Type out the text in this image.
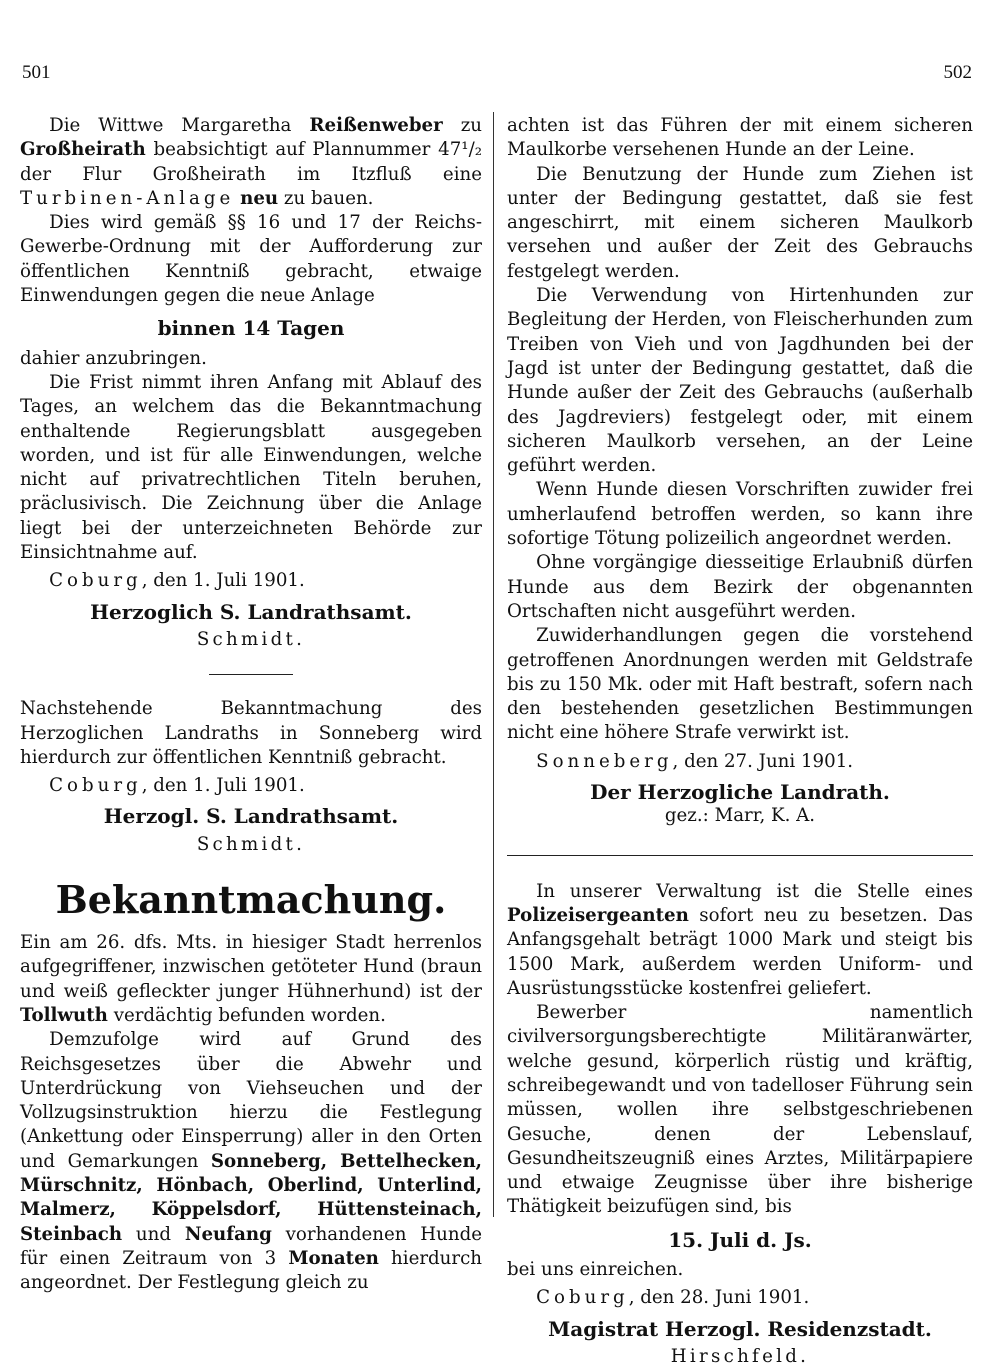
501	502

Die Wittwe Margaretha Reißenweber zu Großheirath beabsichtigt auf Plannummer 47¹/₂ der Flur Großheirath im Itzfluß eine Turbinen-Anlage neu zu bauen.

Dies wird gemäß §§ 16 und 17 der Reichs-Gewerbe-Ordnung mit der Aufforderung zur öffentlichen Kenntniß gebracht, etwaige Einwendungen gegen die neue Anlage

binnen 14 Tagen

dahier anzubringen.

Die Frist nimmt ihren Anfang mit Ablauf des Tages, an welchem das die Bekanntmachung enthaltende Regierungsblatt ausgegeben worden, und ist für alle Einwendungen, welche nicht auf privatrechtlichen Titeln beruhen, präclusivisch. Die Zeichnung über die Anlage liegt bei der unterzeichneten Behörde zur Einsichtnahme auf.

Coburg, den 1. Juli 1901.

Herzoglich S. Landrathsamt.

Schmidt.

Nachstehende Bekanntmachung des Herzoglichen Landraths in Sonneberg wird hierdurch zur öffentlichen Kenntniß gebracht.

Coburg, den 1. Juli 1901.

Herzogl. S. Landrathsamt.

Schmidt.

Bekanntmachung.

Ein am 26. dfs. Mts. in hiesiger Stadt herrenlos aufgegriffener, inzwischen getöteter Hund (braun und weiß gefleckter junger Hühnerhund) ist der Tollwuth verdächtig befunden worden.

Demzufolge wird auf Grund des Reichsgesetzes über die Abwehr und Unterdrückung von Viehseuchen und der Vollzugsinstruktion hierzu die Festlegung (Ankettung oder Einsperrung) aller in den Orten und Gemarkungen Sonneberg, Bettelhecken, Mürschnitz, Hönbach, Oberlind, Unterlind, Malmerz, Köppelsdorf, Hüttensteinach, Steinbach und Neufang vorhandenen Hunde für einen Zeitraum von 3 Monaten hierdurch angeordnet. Der Festlegung gleich zu

achten ist das Führen der mit einem sicheren Maulkorbe versehenen Hunde an der Leine.

Die Benutzung der Hunde zum Ziehen ist unter der Bedingung gestattet, daß sie fest angeschirrt, mit einem sicheren Maulkorb versehen und außer der Zeit des Gebrauchs festgelegt werden.

Die Verwendung von Hirtenhunden zur Begleitung der Herden, von Fleischerhunden zum Treiben von Vieh und von Jagdhunden bei der Jagd ist unter der Bedingung gestattet, daß die Hunde außer der Zeit des Gebrauchs (außerhalb des Jagdreviers) festgelegt oder, mit einem sicheren Maulkorb versehen, an der Leine geführt werden.

Wenn Hunde diesen Vorschriften zuwider frei umherlaufend betroffen werden, so kann ihre sofortige Tötung polizeilich angeordnet werden.

Ohne vorgängige diesseitige Erlaubniß dürfen Hunde aus dem Bezirk der obgenannten Ortschaften nicht ausgeführt werden.

Zuwiderhandlungen gegen die vorstehend getroffenen Anordnungen werden mit Geldstrafe bis zu 150 Mk. oder mit Haft bestraft, sofern nach den bestehenden gesetzlichen Bestimmungen nicht eine höhere Strafe verwirkt ist.

Sonneberg, den 27. Juni 1901.

Der Herzogliche Landrath.

gez.: Marr, K. A.

In unserer Verwaltung ist die Stelle eines Polizeisergeanten sofort neu zu besetzen. Das Anfangsgehalt beträgt 1000 Mark und steigt bis 1500 Mark, außerdem werden Uniform- und Ausrüstungsstücke kostenfrei geliefert.

Bewerber namentlich civilversorgungsberechtigte Militäranwärter, welche gesund, körperlich rüstig und kräftig, schreibegewandt und von tadelloser Führung sein müssen, wollen ihre selbstgeschriebenen Gesuche, denen der Lebenslauf, Gesundheitszeugniß eines Arztes, Militärpapiere und etwaige Zeugnisse über ihre bisherige Thätigkeit beizufügen sind, bis

15. Juli d. Js.

bei uns einreichen.

Coburg, den 28. Juni 1901.

Magistrat Herzogl. Residenzstadt.

Hirschfeld.
